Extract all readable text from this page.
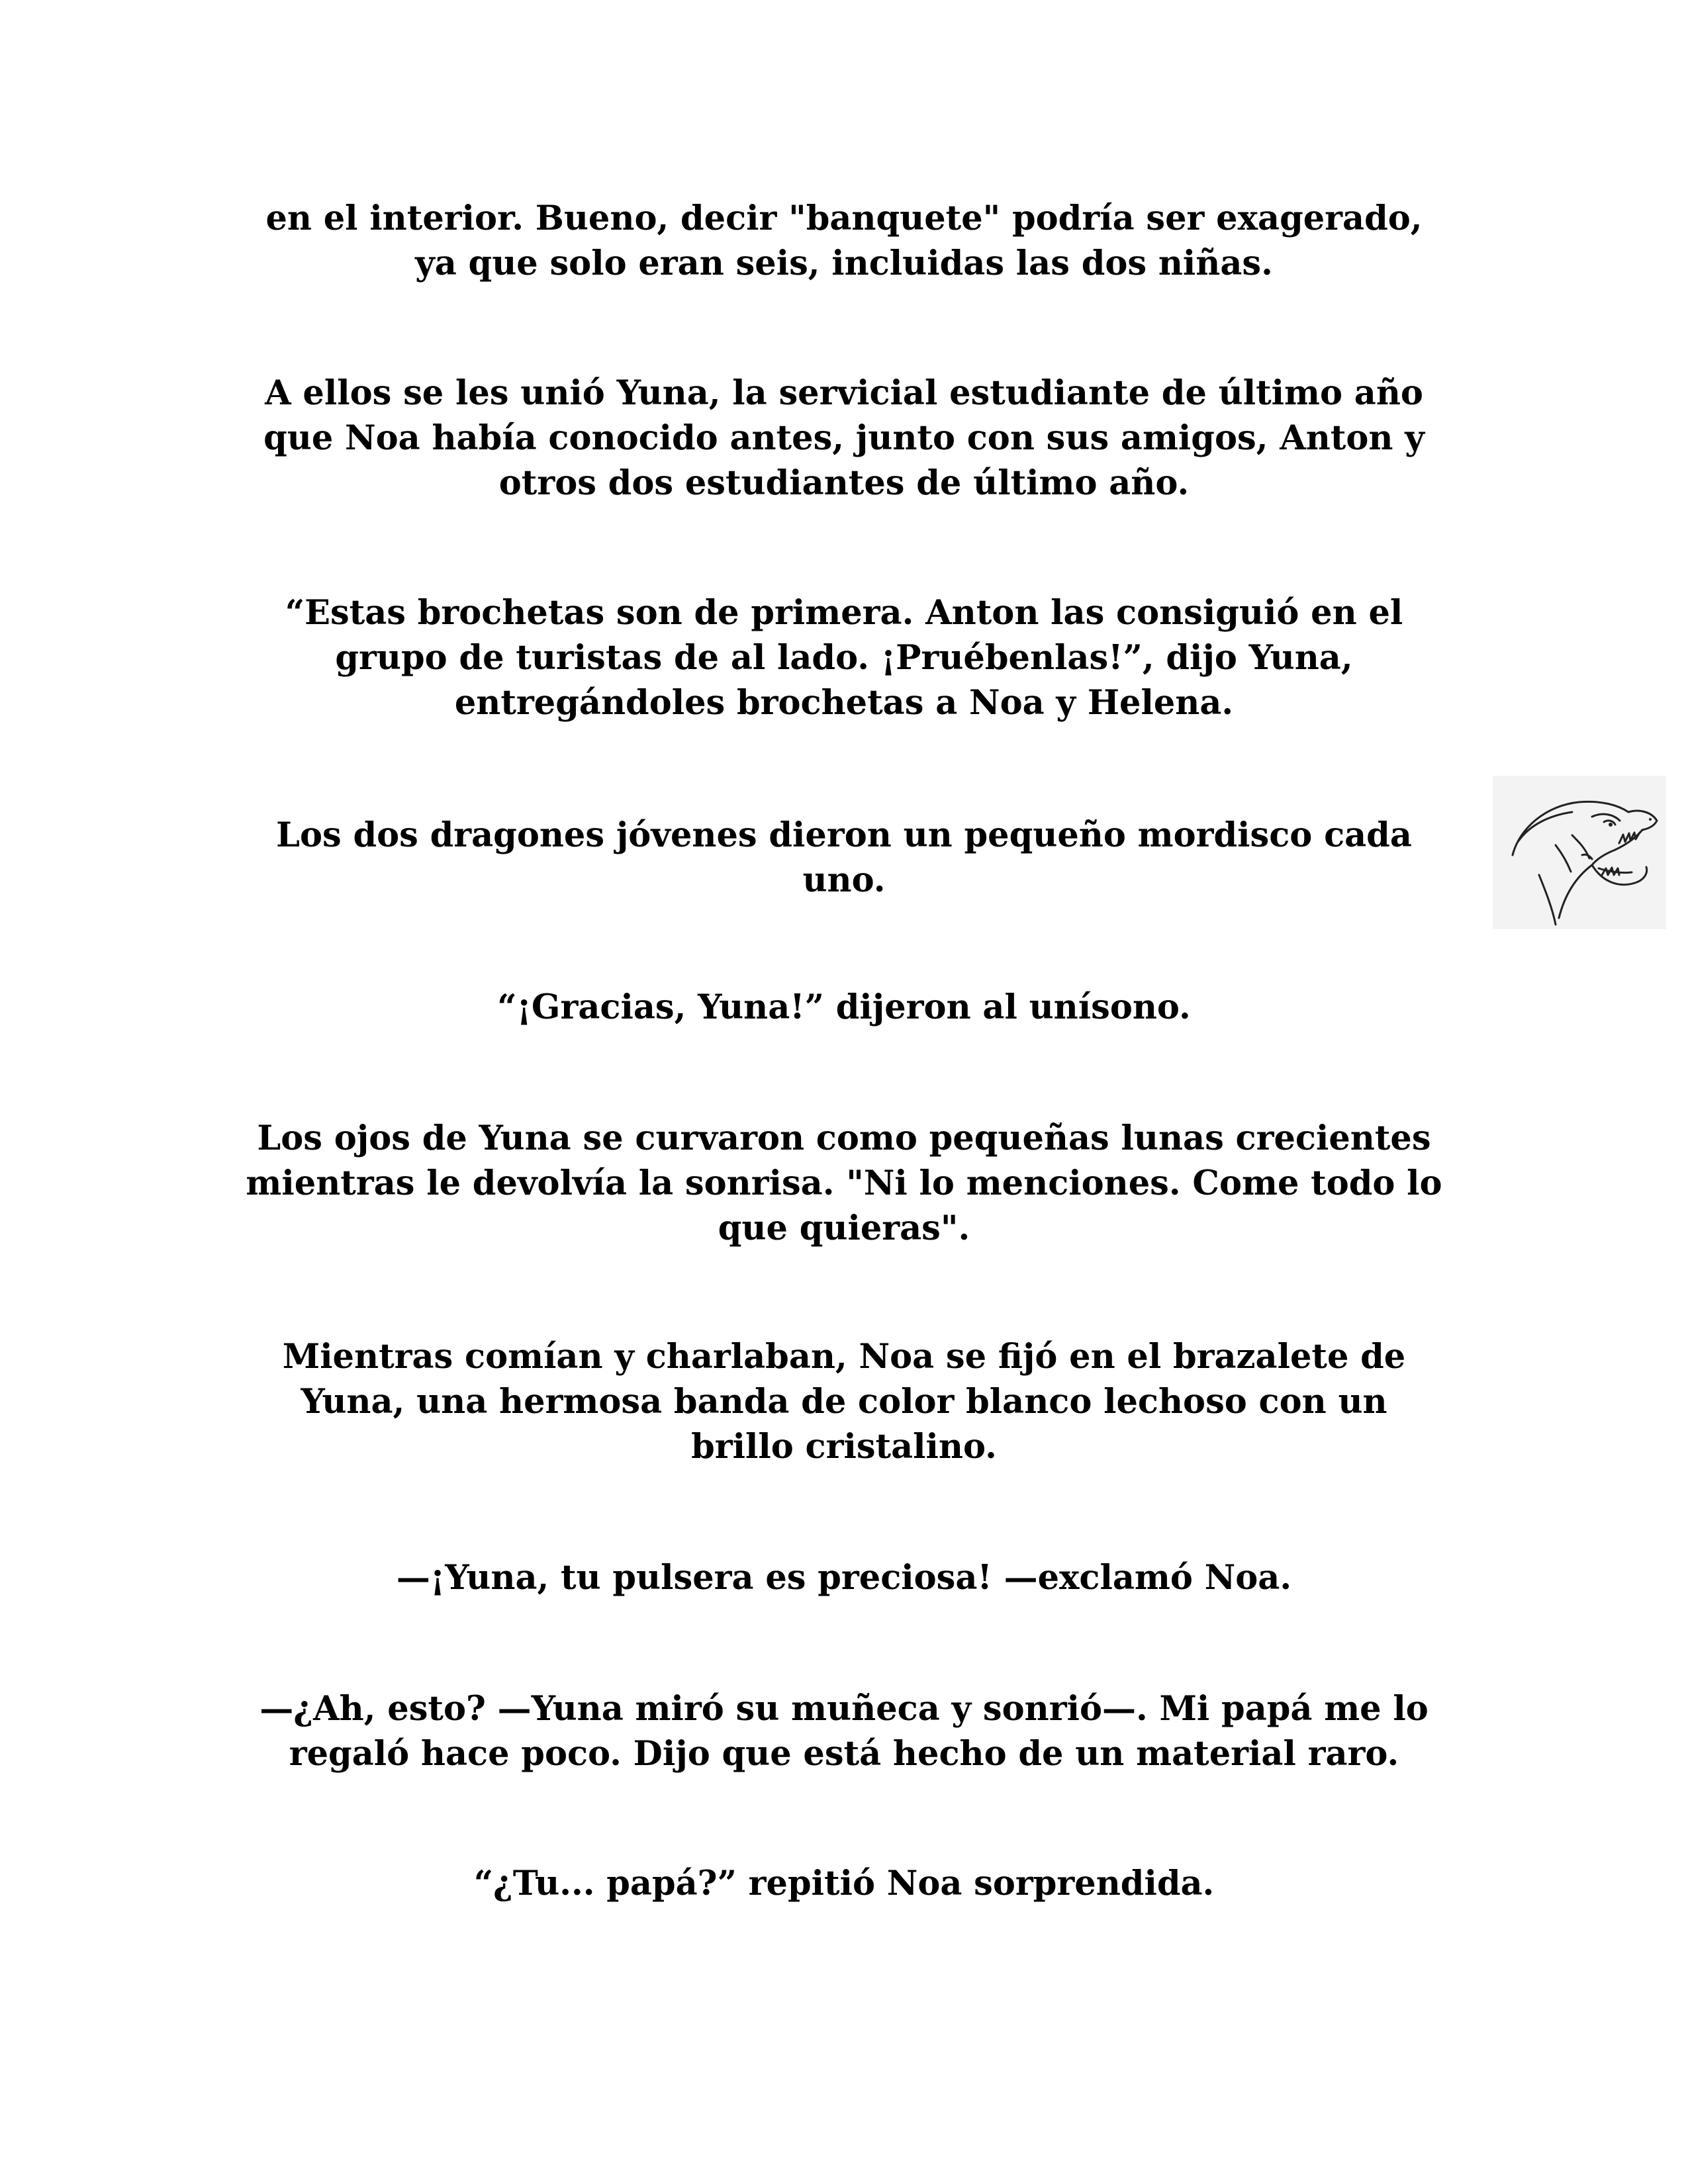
en el interior. Bueno, decir "banquete" podría ser exagerado,
ya que solo eran seis, incluidas las dos niñas.

A ellos se les unió Yuna, la servicial estudiante de último año
que Noa había conocido antes, junto con sus amigos, Anton y
otros dos estudiantes de último año.

“Estas brochetas son de primera. Anton las consiguió en el
grupo de turistas de al lado. ¡Pruébenlas!”, dijo Yuna,
entregándoles brochetas a Noa y Helena.

Los dos dragones jóvenes dieron un pequeño mordisco cada
uno.

“¡Gracias, Yuna!” dijeron al unísono.

Los ojos de Yuna se curvaron como pequeñas lunas crecientes
mientras le devolvía la sonrisa. "Ni lo menciones. Come todo lo
que quieras".

Mientras comían y charlaban, Noa se fijó en el brazalete de
Yuna, una hermosa banda de color blanco lechoso con un
brillo cristalino.

—¡Yuna, tu pulsera es preciosa! —exclamó Noa.

—¿Ah, esto? —Yuna miró su muñeca y sonrió—. Mi papá me lo
regaló hace poco. Dijo que está hecho de un material raro.

“¿Tu... papá?” repitió Noa sorprendida.
